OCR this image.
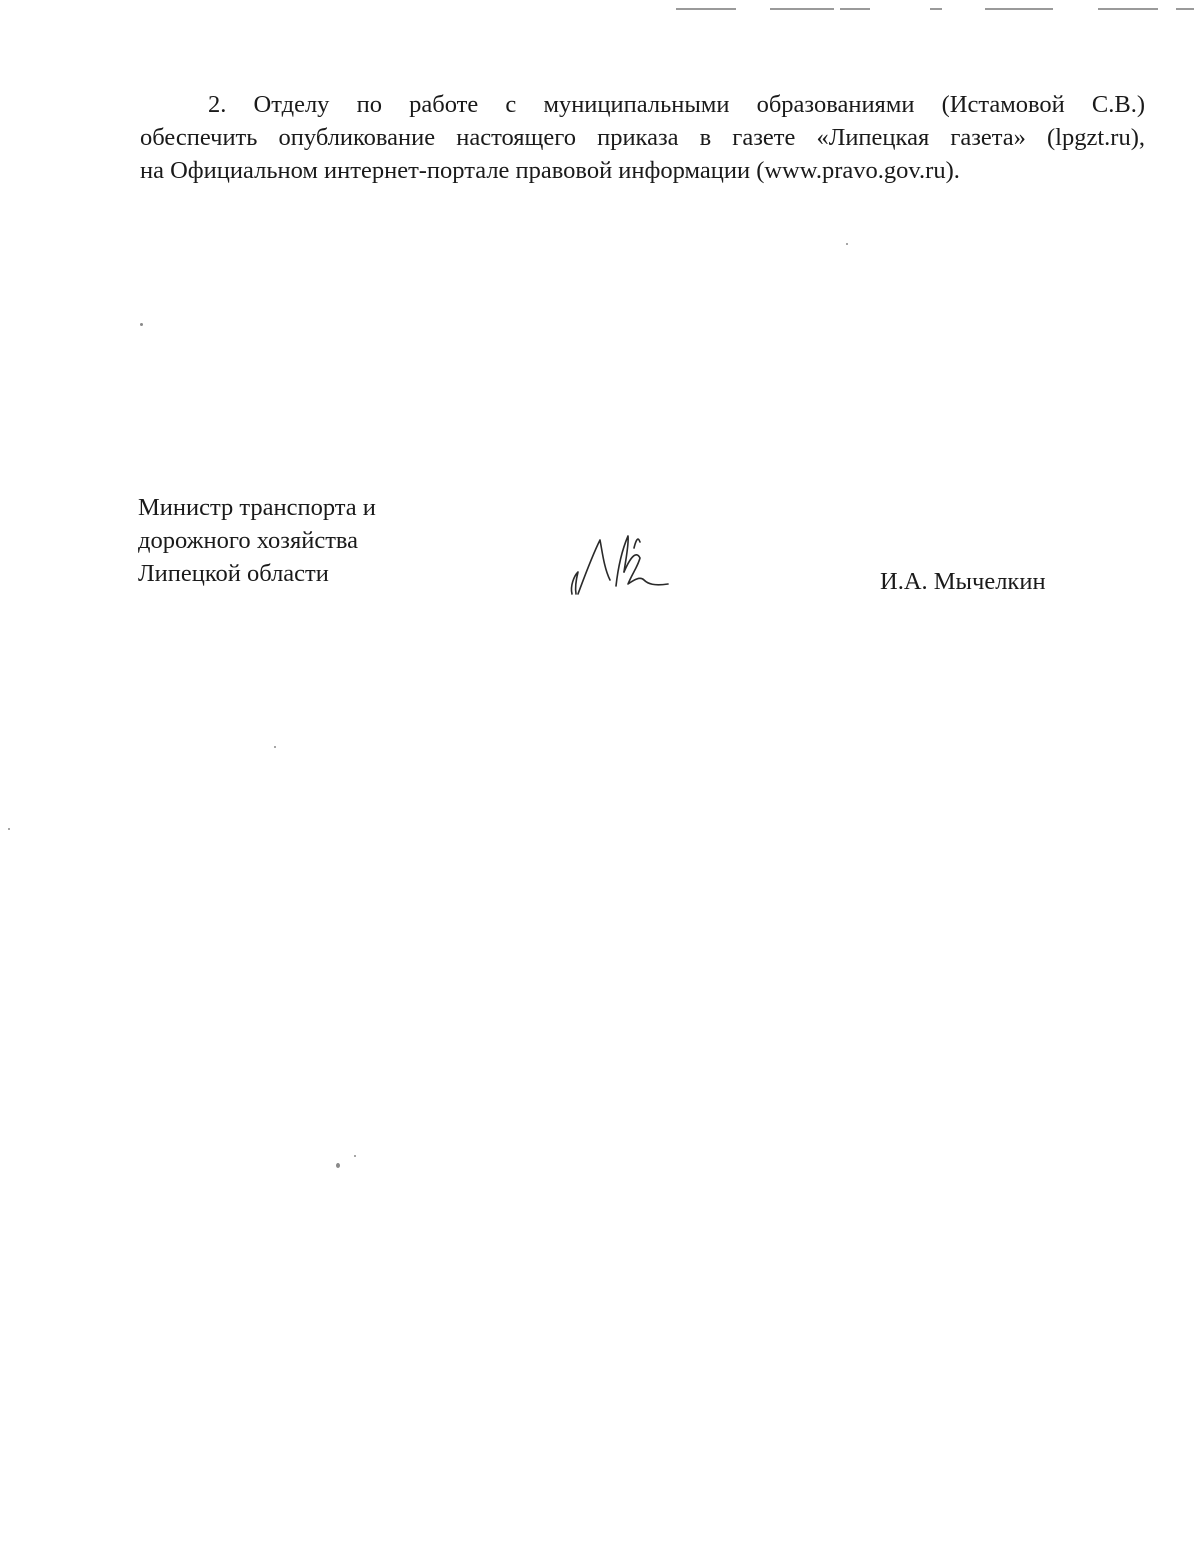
2. Отделу по работе с муниципальными образованиями (Истамовой С.В.)
обеспечить опубликование настоящего приказа в газете «Липецкая газета» (lpgzt.ru),
на Официальном интернет-портале правовой информации (www.pravo.gov.ru).
Министр транспорта и
дорожного хозяйства
Липецкой области	И.А. Мычелкин
